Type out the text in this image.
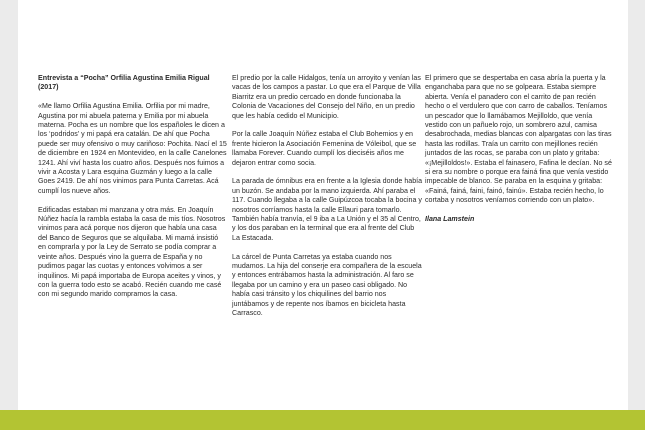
Entrevista a “Pocha” Orfilia Agustina Emilia Rigual (2017)

«Me llamo Orfilia Agustina Emilia. Orfilia por mi madre, Agustina por mi abuela paterna y Emilia por mi abuela materna. Pocha es un nombre que los españoles le dicen a los ‘podridos’ y mi papá era catalán. De ahí que Pocha puede ser muy ofensivo o muy cariñoso: Pochita. Nací el 15 de diciembre en 1924 en Montevideo, en la calle Canelones 1241. Ahí viví hasta los cuatro años. Después nos fuimos a vivir a Acosta y Lara esquina Guzmán y luego a la calle Goes 2419. De ahí nos vinimos para Punta Carretas. Acá cumplí los nueve años.

Edificadas estaban mi manzana y otra más. En Joaquín Núñez hacía la rambla estaba la casa de mis tíos. Nosotros vinimos para acá porque nos dijeron que había una casa del Banco de Seguros que se alquilaba. Mi mamá insistió en comprarla y por la Ley de Serrato se podía comprar a veinte años. Después vino la guerra de España y no pudimos pagar las cuotas y entonces volvimos a ser inquilinos. Mi papá importaba de Europa aceites y vinos, y con la guerra todo esto se acabó. Recién cuando me casé con mi segundo marido compramos la casa.

El predio por la calle Hidalgos, tenía un arroyito y venían las vacas de los campos a pastar. Lo que era el Parque de Villa Biarritz era un predio cercado en donde funcionaba la Colonia de Vacaciones del Consejo del Niño, en un predio que les había cedido el Municipio.

Por la calle Joaquín Núñez estaba el Club Bohemios y en frente hicieron la Asociación Femenina de Vóleibol, que se llamaba Forever. Cuando cumplí los dieciséis años me dejaron entrar como socia.

La parada de ómnibus era en frente a la Iglesia donde había un buzón. Se andaba por la mano izquierda. Ahí paraba el 117. Cuando llegaba a la calle Guipúzcoa tocaba la bocina y nosotros corríamos hasta la calle Ellauri para tomarlo. También había tranvía, el 9 iba a La Unión y el 35 al Centro, y los dos paraban en la terminal que era al frente del Club La Estacada.

La cárcel de Punta Carretas ya estaba cuando nos mudamos. La hija del conserje era compañera de la escuela y entonces entrábamos hasta la administración. Al faro se llegaba por un camino y era un paseo casi obligado. No había casi tránsito y los chiquilines del barrio nos juntábamos y de repente nos íbamos en bicicleta hasta Carrasco.

El primero que se despertaba en casa abría la puerta y la enganchaba para que no se golpeara. Estaba siempre abierta. Venía el panadero con el carrito de pan recién hecho o el verdulero que con carro de caballos. Teníamos un pescador que lo llamábamos Mejilloldo, que venía vestido con un pañuelo rojo, un sombrero azul, camisa desabrochada, medias blancas con alpargatas con las tiras hasta las rodillas. Traía un carrito con mejillones recién juntados de las rocas, se paraba con un plato y gritaba: «¡Mejilloldos!». Estaba el fainasero, Fafina le decían. No sé si era su nombre o porque era fainá fina que venía vestido impecable de blanco. Se paraba en la esquina y gritaba: «Fainá, fainá, faini, fainó, fainú». Estaba recién hecho, lo cortaba y nosotros veníamos corriendo con un plato».

Ilana Lamstein
